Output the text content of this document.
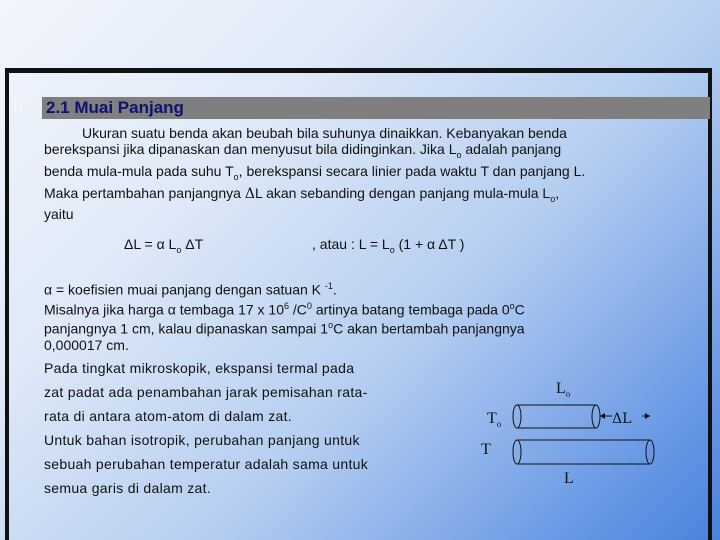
11 2.1 Muai Panjang
Ukuran suatu benda akan beubah bila suhunya dinaikkan. Kebanyakan benda
berekspansi jika dipanaskan dan menyusut bila didinginkan. Jika $L_o$ adalah panjang
benda mula-mula pada suhu $T_o$, berekspansi secara linier pada waktu T dan panjang L.
Maka pertambahan panjangnya ΔL akan sebanding dengan panjang mula-mula $L_o$,
yaitu
ΔL = α $L_o$ ΔT	, atau : $L = L_o$ (1 + α ΔT )
α = koefisien muai panjang dengan satuan K $^{-1}$.
Misalnya jika harga α tembaga 17 x $10^6$ $/C^0$ artinya batang tembaga pada 0$^o$C
panjangnya 1 cm, kalau dipanaskan sampai 1$^o$C akan bertambah panjangnya
0,000017 cm.
Pada tingkat mikroskopik, ekspansi termal pada
zat padat ada penambahan jarak pemisahan rata-
rata di antara atom-atom di dalam zat.
Untuk bahan isotropik, perubahan panjang untuk
sebuah perubahan temperatur adalah sama untuk
semua garis di dalam zat.
$L_o$
$T_o$
T
ΔL
L
